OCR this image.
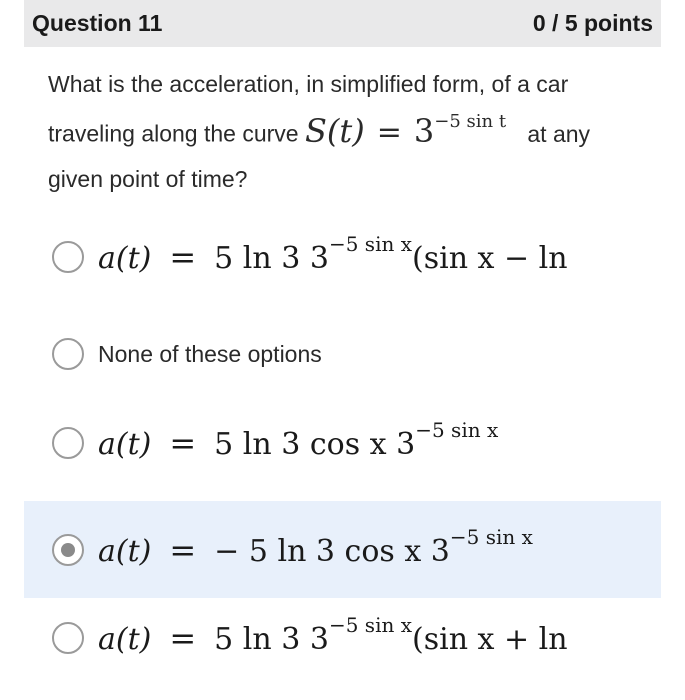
Question 11	0 / 5 points
What is the acceleration, in simplified form, of a car traveling along the curve $S(t) = 3^{-5 sin t}$ at any given point of time?
a(t) = 5 ln 3 $3^{-5 sin x}(\sin$ x − ln
None of these options
a(t) = 5 ln 3 cos x $3^{-5 sin x}$
a(t) = − 5 ln 3 cos x $3^{-5 sin x}$
a(t) = 5 ln 3 $3^{-5 sin x}(\sin$ x + ln
